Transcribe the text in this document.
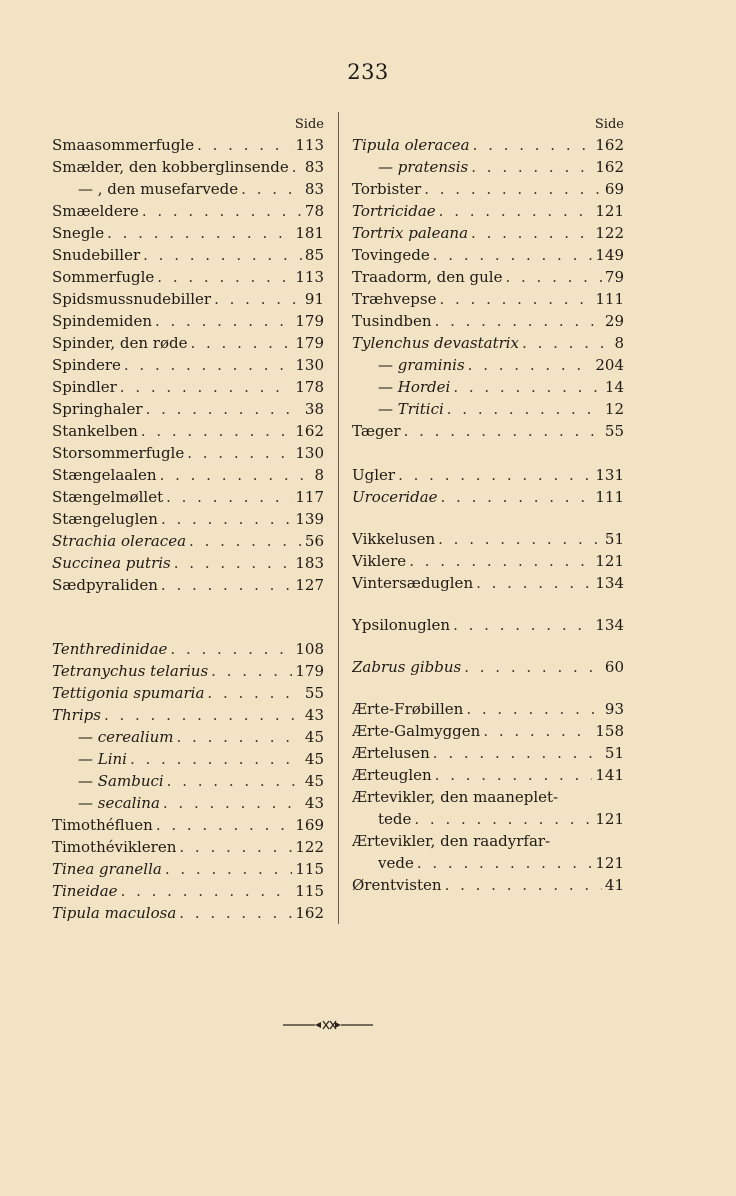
233
Side
Smaasommerfugle . . .	113
Smælder, den kobberglinsende . . . 83
— , den musefarvede . . .	83
Smæeldere . . .	78
Snegle . . .	181
Snudebiller . . .	85
Sommerfugle . . .	113
Spidsmussnudebiller . . .	91
Spindemiden . . .	179
Spinder, den røde . . .	179
Spindere . . .	130
Spindler . . .	178
Springhaler . . .	38
Stankelben . . .	162
Storsommerfugle . . .	130
Stængelaalen . . .	8
Stængelmøllet . . .	117
Stængeluglen . . .	139
Strachia oleracea . . .	56
Succinea putris . . .	183
Sædpyraliden . . .	127
Tenthredinidae . . .	108
Tetranychus telarius . . .	179
Tettigonia spumaria . . .	55
Thrips . . .	43
— cerealium . . .	45
— Lini . . .	45
— Sambuci . . .	45
— secalina . . .	43
Timothéfluen . . .	169
Timothévikleren . . .	122
Tinea granella . . .	115
Tineidae . . .	115
Tipula maculosa . . .	162
Side
Tipula oleracea . . .	162
— pratensis . . .	162
Torbister . . .	69
Tortricidae . . .	121
Tortrix paleana . . .	122
Tovingede . . .	149
Traadorm, den gule . . .	79
Træhvepse . . .	111
Tusindben . . .	29
Tylenchus devastatrix . . .	8
— graminis . . .	204
— Hordei . . .	14
— Tritici . . .	12
Tæger . . .	55
Ugler . . .	131
Uroceridae . . .	111
Vikkelusen . . .	51
Viklere . . .	121
Vintersæduglen . . .	134
Ypsilonuglen . . .	134
Zabrus gibbus . . .	60
Ærte-Frøbillen . . .	93
Ærte-Galmyggen . . .	158
Ærtelusen . . .	51
Ærteuglen . . .	141
Ærtevikler, den maaneplet-
tede . . .	121
Ærtevikler, den raadyrfar-
vede . . .	121
Ørentvisten . . .	41
